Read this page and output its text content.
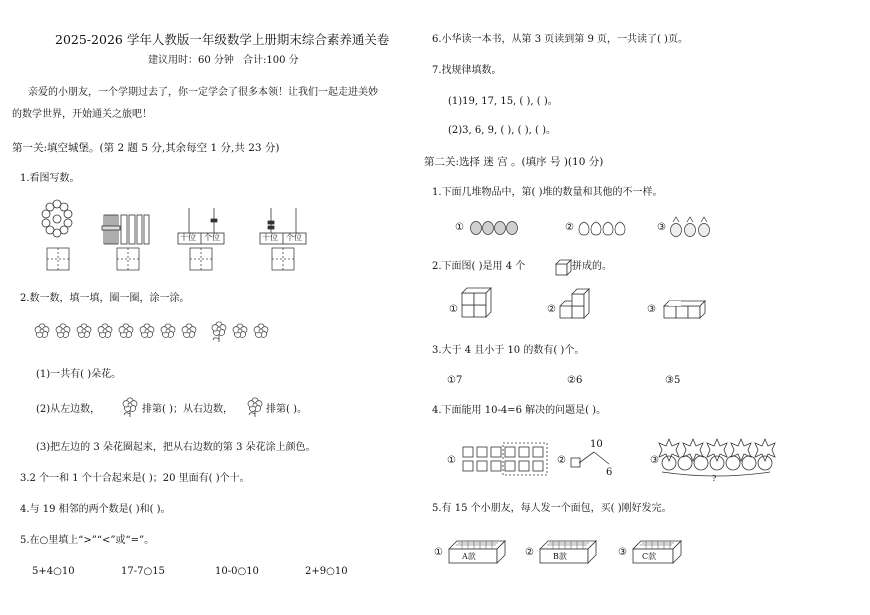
2025-2026 学年人教版一年级数学上册期末综合素养通关卷
建议用时：60 分钟 合计:100 分
亲爱的小朋友，一个学期过去了，你一定学会了很多本领！让我们一起走进美妙
的数学世界，开始通关之旅吧！
第一关:填空城堡。(第 2 题 5 分,其余每空 1 分,共 23 分)
1.看图写数。
十位 个位	十位 个位
2.数一数，填一填，圈一圈，涂一涂。
(1)一共有( )朵花。
(2)从左边数，	排第( )；从右边数，	排第( )。
(3)把左边的 3 朵花圈起来，把从右边数的第 3 朵花涂上颜色。
3.2 个一和 1 个十合起来是( )；20 里面有( )个十。
4.与 19 相邻的两个数是( )和( )。
5.在○里填上“>”“<”或“=”。
5+4○10	17-7○15	10-0○10	2+9○10
6.小华读一本书，从第 3 页读到第 9 页，一共读了( )页。
7.找规律填数。
(1)19, 17, 15, ( ), ( )。
(2)3, 6, 9, ( ), ( ), ( )。
第二关:选择 迷 宫 。(填序 号 )(10 分)
1.下面几堆物品中，第( )堆的数量和其他的不一样。
①	②	③
2.下面图( )是用 4 个	拼成的。
①	②	③
3.大于 4 且小于 10 的数有( )个。
①7	②6	③5
4.下面能用 10-4=6 解决的问题是( )。
①	②	③
10
6
?
5.有 15 个小朋友，每人发一个面包，买( )刚好发完。
①	②	③
A款	B款	C款
